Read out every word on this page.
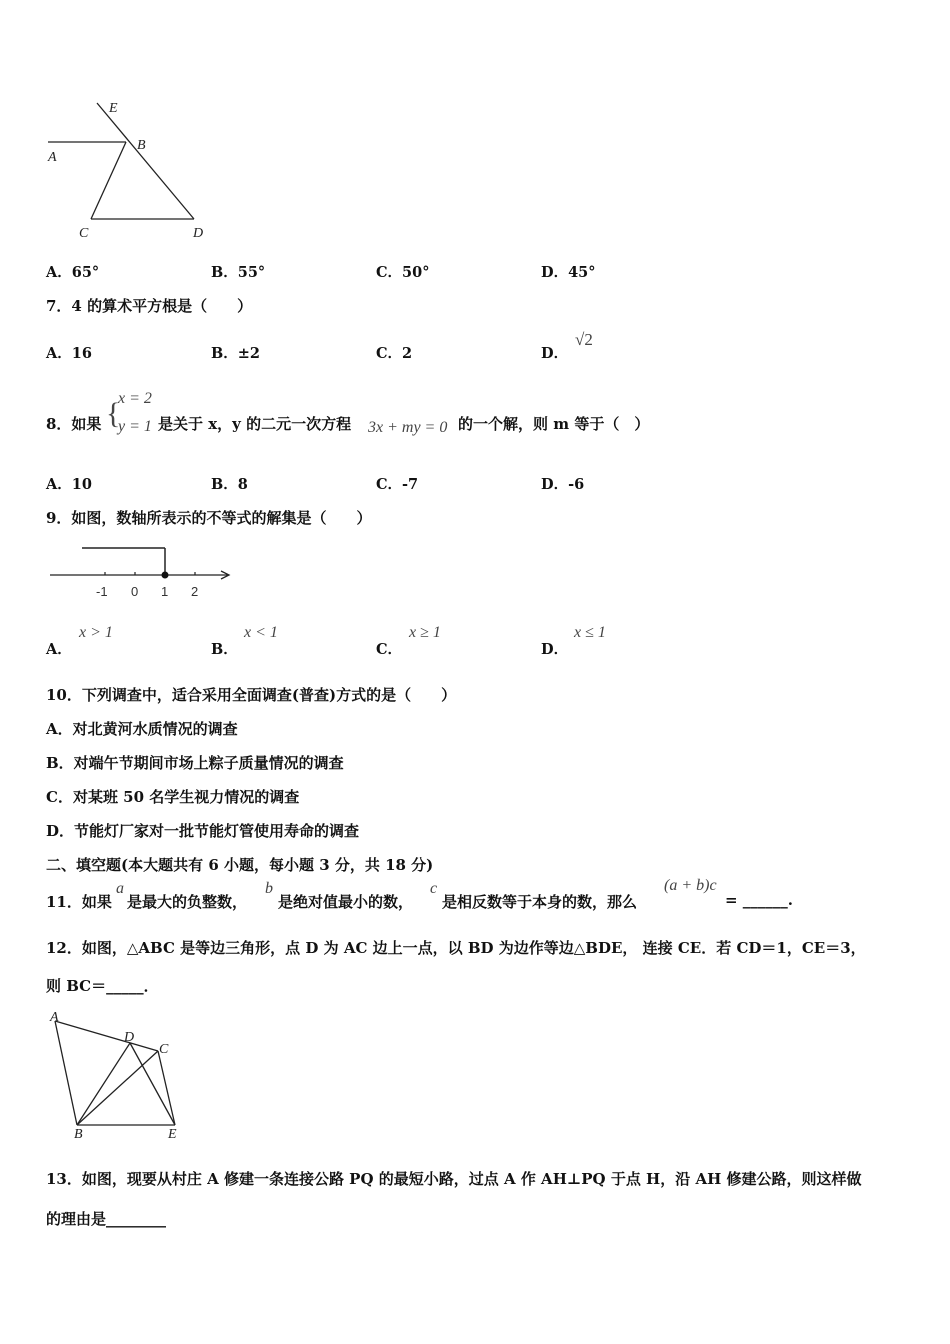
E
A
B
C	D
A．65°	B．55°	C．50°	D．45°
7．4 的算术平方根是（　　）
A．16	B．±2	C．2	D．
√2
8．如果 {
x = 2
y = 1 是关于 x，y 的二元一次方程 3x + my = 0 的一个解，则 m 等于（　）
A．10	B．8	C．-7	D．-6
9．如图，数轴所表示的不等式的解集是（　　）
-1 0 1 2
A．
x > 1
B．
x < 1
C．
x ≥ 1
D．
x ≤ 1
10．下列调查中，适合采用全面调查(普查)方式的是（　　）
A．对北黄河水质情况的调查
B．对端午节期间市场上粽子质量情况的调查
C．对某班 50 名学生视力情况的调查
D．节能灯厂家对一批节能灯管使用寿命的调查
二、填空题(本大题共有 6 小题，每小题 3 分，共 18 分)
11．如果
a
是最大的负整数，
b
是绝对值最小的数，
c
是相反数等于本身的数，那么
(a + b)c
= ______.
12．如图，△ABC 是等边三角形，点 D 为 AC 边上一点，以 BD 为边作等边△BDE， 连接 CE．若 CD＝1，CE＝3，
则 BC＝_____．
A
D
C
B	E
13．如图，现要从村庄 A 修建一条连接公路 PQ 的最短小路，过点 A 作 AH⊥PQ 于点 H，沿 AH 修建公路，则这样做
的理由是________
